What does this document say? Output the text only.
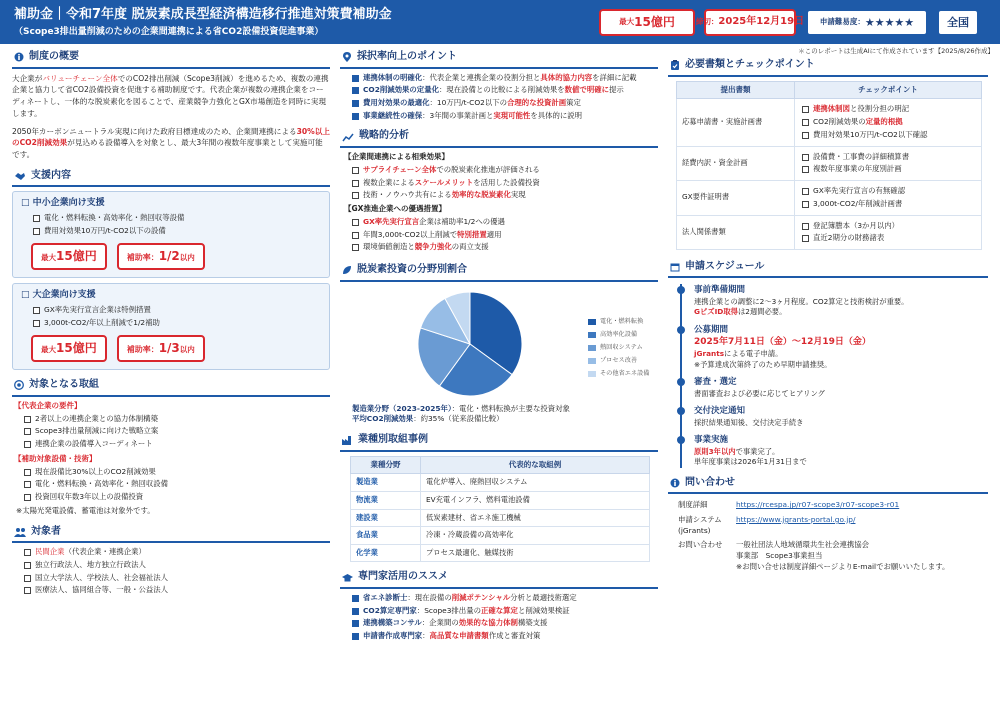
補助金｜令和7年度 脱炭素成長型経済構造移行推進対策費補助金
（Scope3排出量削減のための企業間連携による省CO2設備投資促進事業）
最大 15億円	締切： 2025年12月19日 申請難易度： ★★★★★	全国
＊このレポートは生成AIにて作成されています【2025/8/26作成】
制度の概要
大企業がバリューチェーン全体でのCO2排出削減（Scope3削減）を進めるため、複数の連携企業と協力して省CO2設備投資を促進する補助制度です。代表企業が複数の連携企業をコーディネートし、一体的な脱炭素化を図ることで、産業競争力強化とGX市場創造を同時に実現します。
2050年カーボンニュートラル実現に向けた政府目標達成のため、企業間連携による30%以上のCO2削減効果が見込める設備導入を対象とし、最大3年間の複数年度事業として実施可能です。
支援内容
□ 中小企業向け支援
電化・燃料転換・高効率化・熱回収等設備
費用対効果10万円/t-CO2以下の設備
最大15億円	補助率：1/2以内
□ 大企業向け支援
GX率先実行宣言企業は特例措置
3,000t-CO2/年以上削減で1/2補助
最大15億円	補助率：1/3以内
対象となる取組
【代表企業の要件】
2者以上の連携企業との協力体制構築
Scope3排出量削減に向けた戦略立案
連携企業の設備導入コーディネート
【補助対象設備・技術】
現在設備比30%以上のCO2削減効果
電化・燃料転換・高効率化・熱回収設備
投資回収年数3年以上の設備投資
※太陽光発電設備、蓄電池は対象外です。
対象者
民間企業（代表企業・連携企業）
独立行政法人、地方独立行政法人
国立大学法人、学校法人、社会福祉法人
医療法人、協同組合等、一般・公益法人
採択率向上のポイント
連携体制の明確化：代表企業と連携企業の役割分担と具体的協力内容を詳細に記載
CO2削減効果の定量化：現在設備との比較による削減効果を数値で明確に提示
費用対効果の最適化：10万円/t-CO2以下の合理的な投資計画策定
事業継続性の確保：3年間の事業計画と実現可能性を具体的に説明
戦略的分析
【企業間連携による相乗効果】
サプライチェーン全体での脱炭素化推進が評価される
複数企業によるスケールメリットを活用した設備投資
技術・ノウハウ共有による効率的な脱炭素化実現
【GX推進企業への優遇措置】
GX率先実行宣言企業は補助率1/2への優遇
年間3,000t-CO2以上削減で特別措置適用
環境価値創造と競争力強化の両立支援
脱炭素投資の分野別割合
電化・燃料転換
高効率化設備
熱回収システム
プロセス改善
その他省エネ設備
製造業分野（2023-2025年）：電化・燃料転換が主要な投資対象
平均CO2削減効果：約35%（従来設備比較）
業種別取組事例
業種分野	代表的な取組例
製造業	電化炉導入、廃熱回収システム
物流業	EV充電インフラ、燃料電池設備
建設業	低炭素建材、省エネ施工機械
食品業	冷凍・冷蔵設備の高効率化
化学業	プロセス最適化、触媒技術
専門家活用のススメ
省エネ診断士：現在設備の削減ポテンシャル分析と最適技術選定
CO2算定専門家：Scope3排出量の正確な算定と削減効果検証
連携構築コンサル：企業間の効果的な協力体制構築支援
申請書作成専門家：高品質な申請書類作成と審査対策
必要書類とチェックポイント
提出書類	チェックポイント
応募申請書・実施計画書	連携体制図と役割分担の明記
CO2削減効果の定量的根拠
費用対効果10万円/t-CO2以下確認

経費内訳・資金計画	設備費・工事費の詳細積算書
複数年度事業の年度別計画

GX要件証明書	GX率先実行宣言の有無確認
3,000t-CO2/年削減計画書

法人関係書類	登記簿謄本（3か月以内）
直近2期分の財務諸表
申請スケジュール
事前準備期間
連携企業との調整に2〜3ヶ月程度。CO2算定と技術検討が重要。
GビズID取得は2週間必要。
公募期間
2025年7月11日（金）〜12月19日（金）
jGrantsによる電子申請。
※予算達成次第終了のため早期申請推奨。
審査・選定
書面審査および必要に応じてヒアリング
交付決定通知
採択結果通知後、交付決定手続き
事業実施
原則3年以内で事業完了。
単年度事業は2026年1月31日まで
問い合わせ
制度詳細	https://rcespa.jp/r07-scope3/r07-scope3-r01

申請システム
(jGrants)	https://www.jgrants-portal.go.jp/
お問い合わせ	一般社団法人地域循環共生社会連携協会
事業部　Scope3事業担当
※お問い合せは制度詳細ページよりE-mailでお願いいたします。
